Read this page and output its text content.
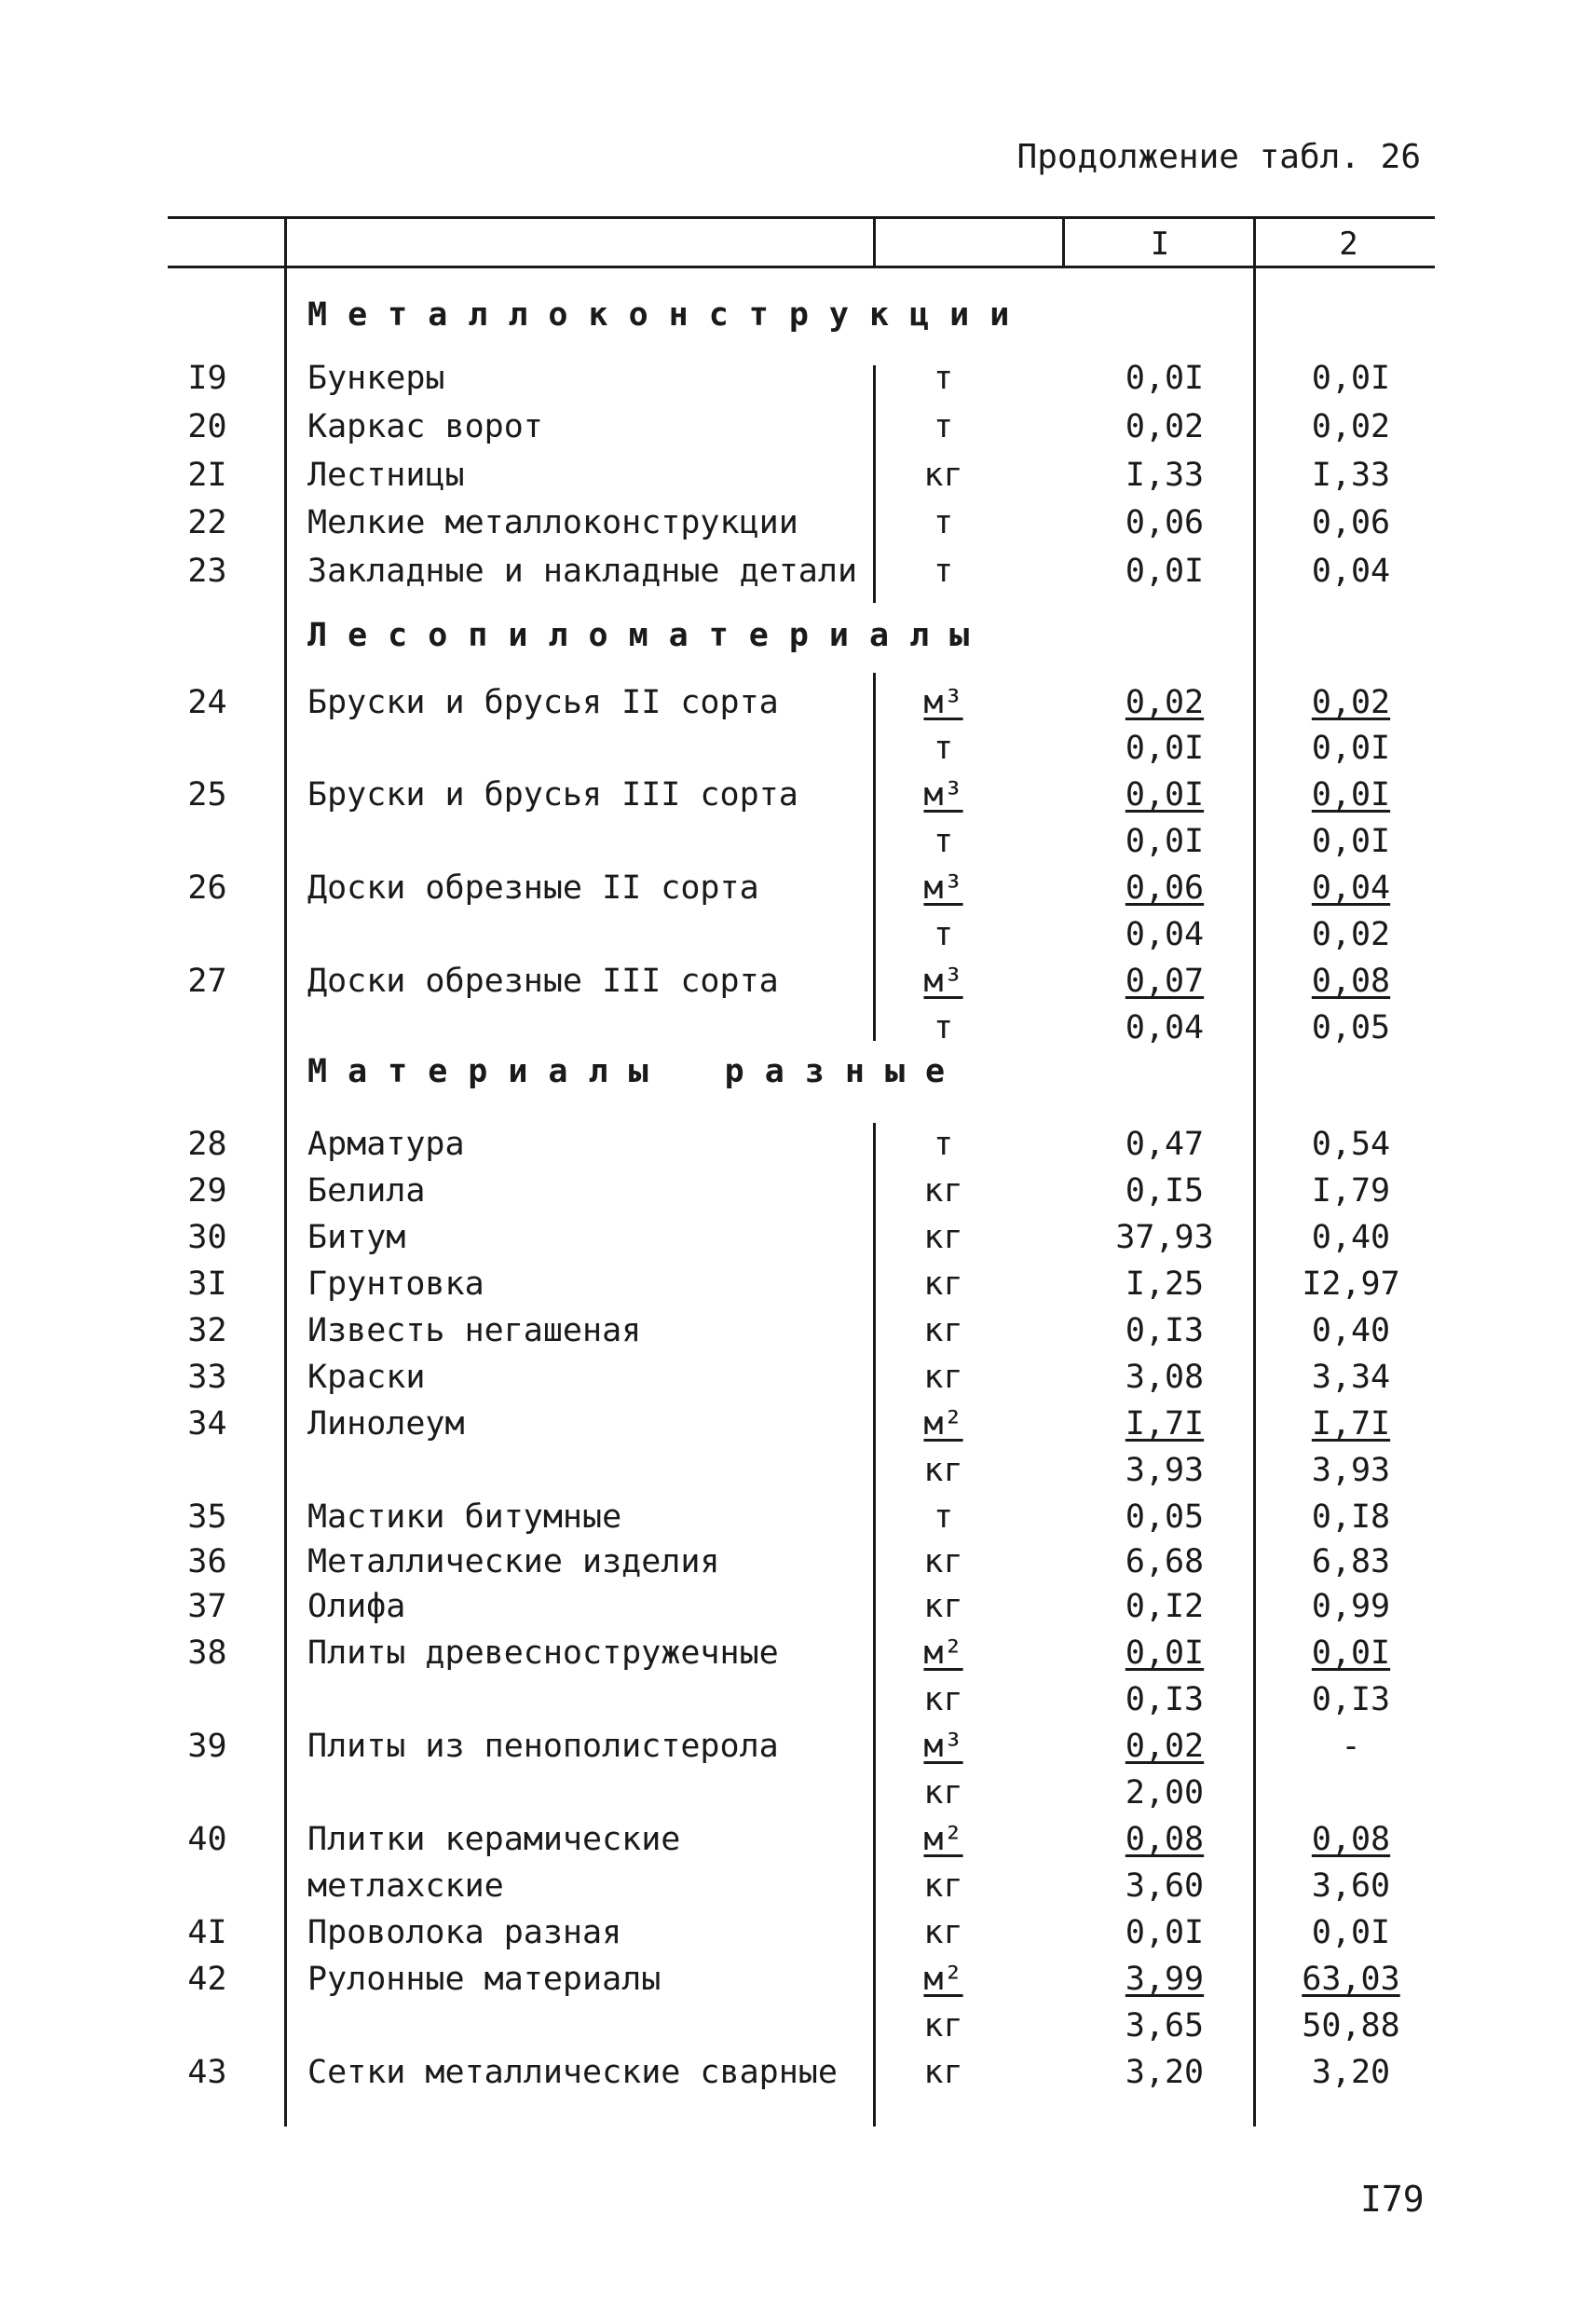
Продолжение табл. 26
I	2
Металлоконструкции
Лесопиломатериалы
Материалы разные
I9	Бункеры	т	0,0I	0,0I
20	Каркас ворот	т	0,02	0,02
2I	Лестницы	кг	I,33	I,33
22	Мелкие металлоконструкции	т	0,06	0,06
23	Закладные и накладные детали	т	0,0I	0,04
24	Бруски и брусья II сорта	м³	0,02	0,02
т	0,0I	0,0I
25	Бруски и брусья III сорта	м³	0,0I	0,0I
т	0,0I	0,0I
26	Доски обрезные II сорта	м³	0,06	0,04
т	0,04	0,02
27	Доски обрезные III сорта	м³	0,07	0,08
т	0,04	0,05
28	Арматура	т	0,47	0,54
29	Белила	кг	0,I5	I,79
30	Битум	кг	37,93	0,40
3I	Грунтовка	кг	I,25	I2,97
32	Известь негашеная	кг	0,I3	0,40
33	Краски	кг	3,08	3,34
34	Линолеум	м²	I,7I	I,7I
кг	3,93	3,93
35	Мастики битумные	т	0,05	0,I8
36	Металлические изделия	кг	6,68	6,83
37	Олифа	кг	0,I2	0,99
38	Плиты древесностружечные	м²	0,0I	0,0I
кг	0,I3	0,I3
39	Плиты из пенополистерола	м³	0,02	-
кг	2,00
40	Плитки керамические	м²	0,08	0,08
метлахские	кг	3,60	3,60
4I	Проволока разная	кг	0,0I	0,0I
42	Рулонные материалы	м²	3,99	63,03
кг	3,65	50,88
43	Сетки металлические сварные	кг	3,20	3,20
I79
